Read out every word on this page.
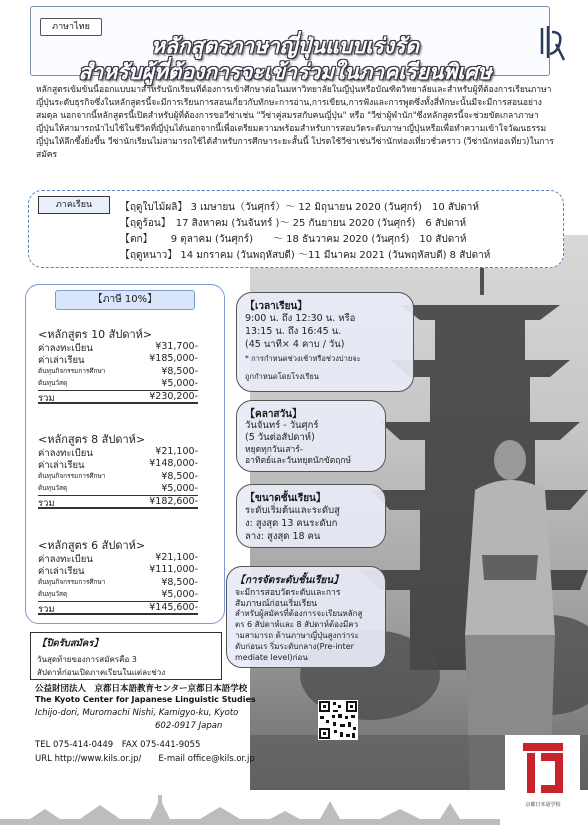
ภาษาไทย
หลักสูตรภาษาญี่ปุ่นแบบเร่งรัด
สำหรับผู้ที่ต้องการจะเข้าร่วมในภาคเรียนพิเศษ
หลักสูตรเข้มข้นนี้ออกแบบมาสำหรับนักเรียนที่ต้องการเข้าศึกษาต่อในมหาวิทยาลัยในญี่ปุ่นหรือบัณฑิตวิทยาลัยและสำหรับผู้ที่ต้องการเรียนภาษาญี่ปุ่นระดับธุรกิจซึ่งในหลักสูตรนี้จะมีการเรียนการสอนเกี่ยวกับทักษะการอ่าน,การเขียน,การฟังและการพูดซึ่งทั้งสี่ทักษะนั้นมีจะมีการสอนอย่างสมดุล นอกจากนี้หลักสูตรนี้เปิดสำหรับผู้ที่ต้องการขอวีซ่าเช่น "วีซ่าคู่สมรสกับคนญี่ปุ่น" หรือ "วีซ่าผู้พำนัก"ซึ่งหลักสูตรนี้จะช่วยขัดเกลาภาษาญี่ปุ่นให้สามารถนำไปใช้ในชีวิตที่ญี่ปุ่นได้นอกจากนี้เพื่อเตรียมความพร้อมสำหรับการสอบวัดระดับภาษาญี่ปุ่นหรือเพื่อทำความเข้าใจวัฒนธรรมญี่ปุ่นให้ลึกซึ้งยิ่งขึ้น วีซ่านักเรียนไม่สามารถใช้ได้สำหรับการศึกษาระยะสั้นนี้ โปรดใช้วีซ่าเช่นวีซ่านักท่องเที่ยวชั่วคราว (วีซ่านักท่องเที่ยว)ในการสมัคร
ภาคเรียน	【ฤดูใบไม้ผลิ】 3 เมษายน（วันศุกร์）～ 12 มิถุนายน 2020 (วันศุกร์)　10 สัปดาห์
【ฤดูร้อน】　17 สิงหาคม (วันจันทร์ )～ 25 กันยายน 2020 (วันศุกร์)　6 สัปดาห์
【ตก】　　 9 ตุลาคม (วันศุกร์)　　～ 18 ธันวาคม 2020 (วันศุกร์)　10 สัปดาห์
【ฤดูหนาว】 14 มกราคม (วันพฤหัสบดี) ～11 มีนาคม 2021 (วันพฤหัสบดี) 8 สัปดาห์
【ภาษี 10%】
<หลักสูตร 10 สัปดาห์>
ค่าลงทะเบียน	¥31,700-
ค่าเล่าเรียน	¥185,000-
ต้นทุนกิจกรรมการศึกษา	¥8,500-
ต้นทุนวัสดุ	¥5,000-
รวม	¥230,200-
<หลักสูตร 8 สัปดาห์>
ค่าลงทะเบียน	¥21,100-
ค่าเล่าเรียน	¥148,000-
ต้นทุนกิจกรรมการศึกษา	¥8,500-
ต้นทุนวัสดุ	¥5,000-
รวม	¥182,600-
<หลักสูตร 6 สัปดาห์>
ค่าลงทะเบียน	¥21,100-
ค่าเล่าเรียน	¥111,000-
ต้นทุนกิจกรรมการศึกษา	¥8,500-
ต้นทุนวัสดุ	¥5,000-
รวม	¥145,600-
【ปิดรับสมัคร】
วันสุดท้ายของการสมัครคือ 3
สัปดาห์ก่อนเปิดภาคเรียนในแต่ละช่วง
【เวลาเรียน】
9:00 น. ถึง 12:30 น. หรือ
13:15 น. ถึง 16:45 น.
(45 นาที× 4 คาบ / วัน)
* การกำหนดช่วงเช้าหรือช่วงบ่ายจะ
ถูกกำหนดโดยโรงเรียน
【คลาสวัน】
วันจันทร์ - วันศุกร์
(5 วันต่อสัปดาห์)
หยุดทุกวันเสาร์-
อาทิตย์และวันหยุดนักขัตฤกษ์
【ขนาดชั้นเรียน】
ระดับเริ่มต้นและระดับสู
ง: สูงสุด 13 คนระดับก
ลาง: สูงสุด 18 คน
【การจัดระดับชั้นเรียน】
จะมีการสอบวัดระดับและการ
สัมภาษณ์ก่อนเริ่มเรียน
สำหรับผู้สมัครที่ต้องการจะเรียนหลักสู
ตร 6 สัปดาห์และ 8 สัปดาห์ต้องมีคว
ามสามารถ ด้านภาษาญี่ปุ่นสูงกว่าระ
ดับก่อนเร ริ่มระดับกลาง(Pre-inter
mediate level)ก่อน
公益財団法人　京都日本語教育センター京都日本語学校
The Kyoto Center for Japanese Linguistic Studies
Ichijo-dori, Muromachi Nishi, Kamigyo-ku, Kyoto
602-0917 Japan
TEL 075-414-0449　FAX 075-441-9055
URL http://www.kils.or.jp/　　E-mail office@kils.or.jp
京都日本語学校
